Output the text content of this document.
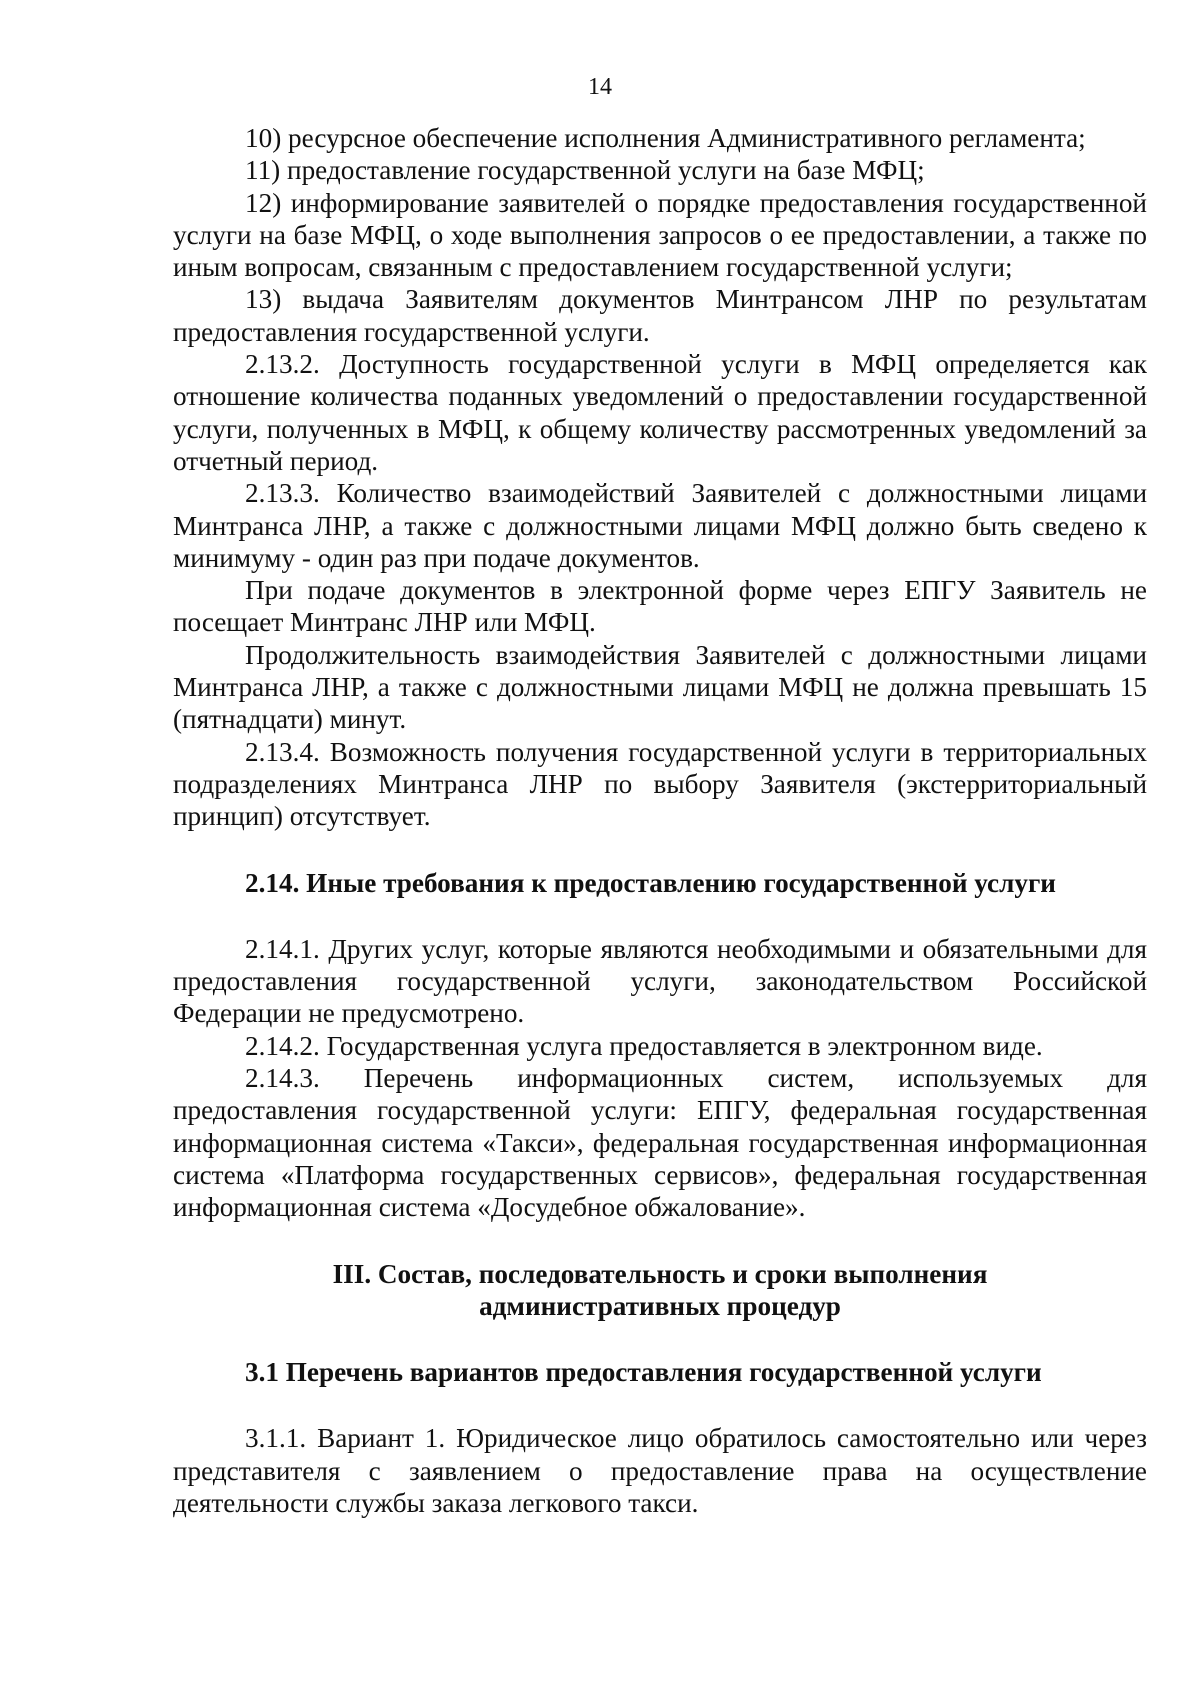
14

10) ресурсное обеспечение исполнения Административного регламента;

11) предоставление государственной услуги на базе МФЦ;

12) информирование заявителей о порядке предоставления государственной услуги на базе МФЦ, о ходе выполнения запросов о ее предоставлении, а также по иным вопросам, связанным с предоставлением государственной услуги;

13) выдача Заявителям документов Минтрансом ЛНР по результатам предоставления государственной услуги.

2.13.2. Доступность государственной услуги в МФЦ определяется как отношение количества поданных уведомлений о предоставлении государственной услуги, полученных в МФЦ, к общему количеству рассмотренных уведомлений за отчетный период.

2.13.3. Количество взаимодействий Заявителей с должностными лицами Минтранса ЛНР, а также с должностными лицами МФЦ должно быть сведено к минимуму - один раз при подаче документов.

При подаче документов в электронной форме через ЕПГУ Заявитель не посещает Минтранс ЛНР или МФЦ.

Продолжительность взаимодействия Заявителей с должностными лицами Минтранса ЛНР, а также с должностными лицами МФЦ не должна превышать 15 (пятнадцати) минут.

2.13.4. Возможность получения государственной услуги в территориальных подразделениях Минтранса ЛНР по выбору Заявителя (экстерриториальный принцип) отсутствует.

2.14. Иные требования к предоставлению государственной услуги

2.14.1. Других услуг, которые являются необходимыми и обязательными для предоставления государственной услуги, законодательством Российской Федерации не предусмотрено.

2.14.2. Государственная услуга предоставляется в электронном виде.

2.14.3. Перечень информационных систем, используемых для предоставления государственной услуги: ЕПГУ, федеральная государственная информационная система «Такси», федеральная государственная информационная система «Платформа государственных сервисов», федеральная государственная информационная система «Досудебное обжалование».

III. Состав, последовательность и сроки выполнения

административных процедур

3.1 Перечень вариантов предоставления государственной услуги

3.1.1. Вариант 1. Юридическое лицо обратилось самостоятельно или через представителя с заявлением о предоставление права на осуществление деятельности службы заказа легкового такси.
